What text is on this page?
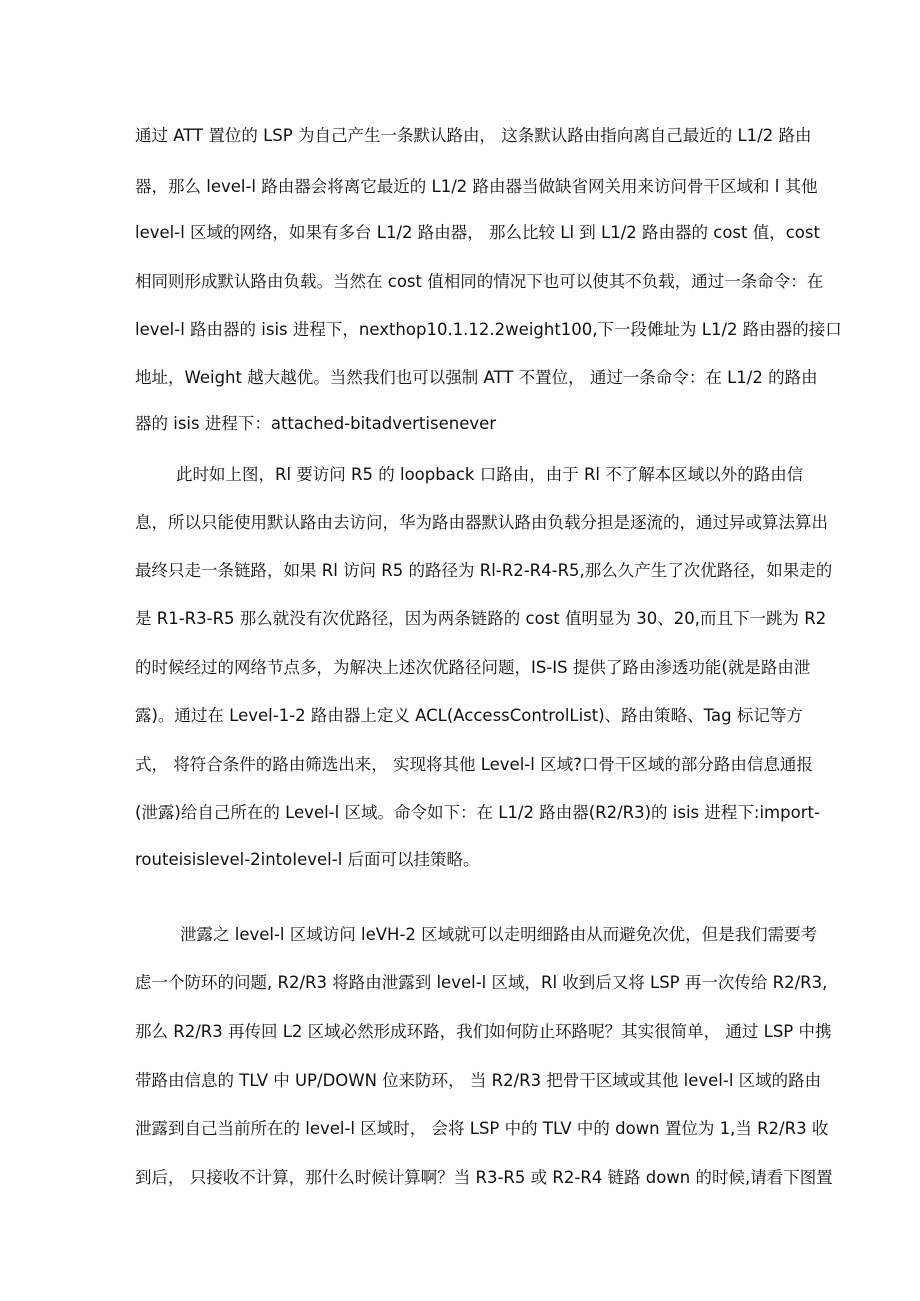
通过 ATT 置位的 LSP 为自己产生一条默认路由， 这条默认路由指向离自己最近的 L1/2 路由
器，那么 level-l 路由器会将离它最近的 L1/2 路由器当做缺省网关用来访问骨干区域和 l 其他
level-l 区域的网络，如果有多台 L1/2 路由器， 那么比较 Ll 到 L1/2 路由器的 cost 值，cost
相同则形成默认路由负载。当然在 cost 值相同的情况下也可以使其不负载，通过一条命令：在
level-l 路由器的 isis 进程下，nexthop10.1.12.2weight100,下一段傩址为 L1/2 路由器的接口
地址，Weight 越大越优。当然我们也可以强制 ATT 不置位， 通过一条命令：在 L1/2 的路由
器的 isis 进程下：attached-bitadvertisenever
此时如上图，Rl 要访问 R5 的 loopback 口路由，由于 Rl 不了解本区域以外的路由信
息，所以只能使用默认路由去访问，华为路由器默认路由负载分担是逐流的，通过异或算法算出
最终只走一条链路，如果 Rl 访问 R5 的路径为 Rl-R2-R4-R5,那么久产生了次优路径，如果走的
是 R1-R3-R5 那么就没有次优路径，因为两条链路的 cost 值明显为 30、20,而且下一跳为 R2
的时候经过的网络节点多，为解决上述次优路径问题，IS-IS 提供了路由渗透功能(就是路由泄
露)。通过在 Level-1-2 路由器上定义 ACL(AccessControlList)、路由策略、Tag 标记等方
式， 将符合条件的路由筛选出来， 实现将其他 Level-l 区域?口骨干区域的部分路由信息通报
(泄露)给自己所在的 Level-l 区域。命令如下：在 L1/2 路由器(R2/R3)的 isis 进程下:import-
routeisislevel-2intoIevel-l 后面可以挂策略。
泄露之 level-l 区域访问 leVH-2 区域就可以走明细路由从而避免次优，但是我们需要考
虑一个防环的问题, R2/R3 将路由泄露到 level-l 区域，Rl 收到后又将 LSP 再一次传给 R2/R3,
那么 R2/R3 再传回 L2 区域必然形成环路，我们如何防止环路呢？其实很简单， 通过 LSP 中携
带路由信息的 TLV 中 UP/DOWN 位来防环， 当 R2/R3 把骨干区域或其他 level-l 区域的路由
泄露到自己当前所在的 level-l 区域时， 会将 LSP 中的 TLV 中的 down 置位为 1,当 R2/R3 收
到后， 只接收不计算，那什么时候计算啊？当 R3-R5 或 R2-R4 链路 down 的时候,请看下图置
